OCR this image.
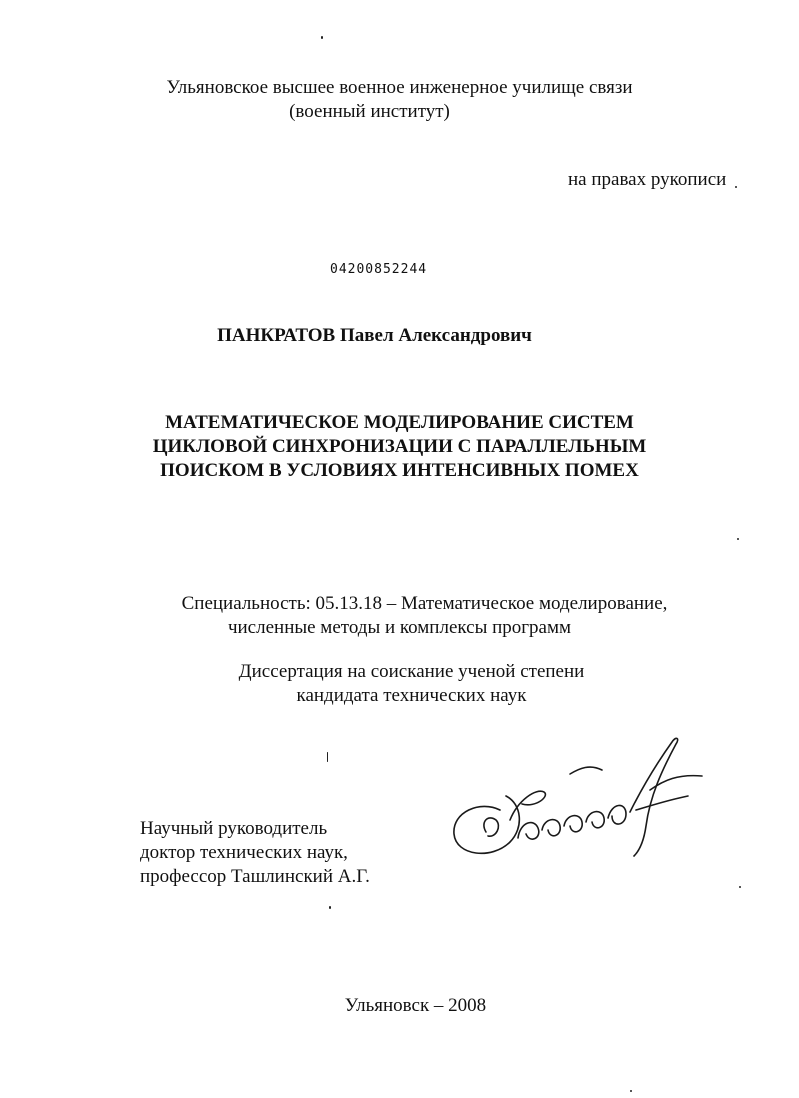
Ульяновское высшее военное инженерное училище связи
(военный институт)
на правах рукописи
04200852244
ПАНКРАТОВ Павел Александрович
МАТЕМАТИЧЕСКОЕ МОДЕЛИРОВАНИЕ СИСТЕМ
ЦИКЛОВОЙ СИНХРОНИЗАЦИИ С ПАРАЛЛЕЛЬНЫМ
ПОИСКОМ В УСЛОВИЯХ ИНТЕНСИВНЫХ ПОМЕХ
Специальность: 05.13.18 – Математическое моделирование,
численные методы и комплексы программ
Диссертация на соискание ученой степени
кандидата технических наук
Научный руководитель
доктор технических наук,
профессор Ташлинский А.Г.
Ульяновск – 2008
